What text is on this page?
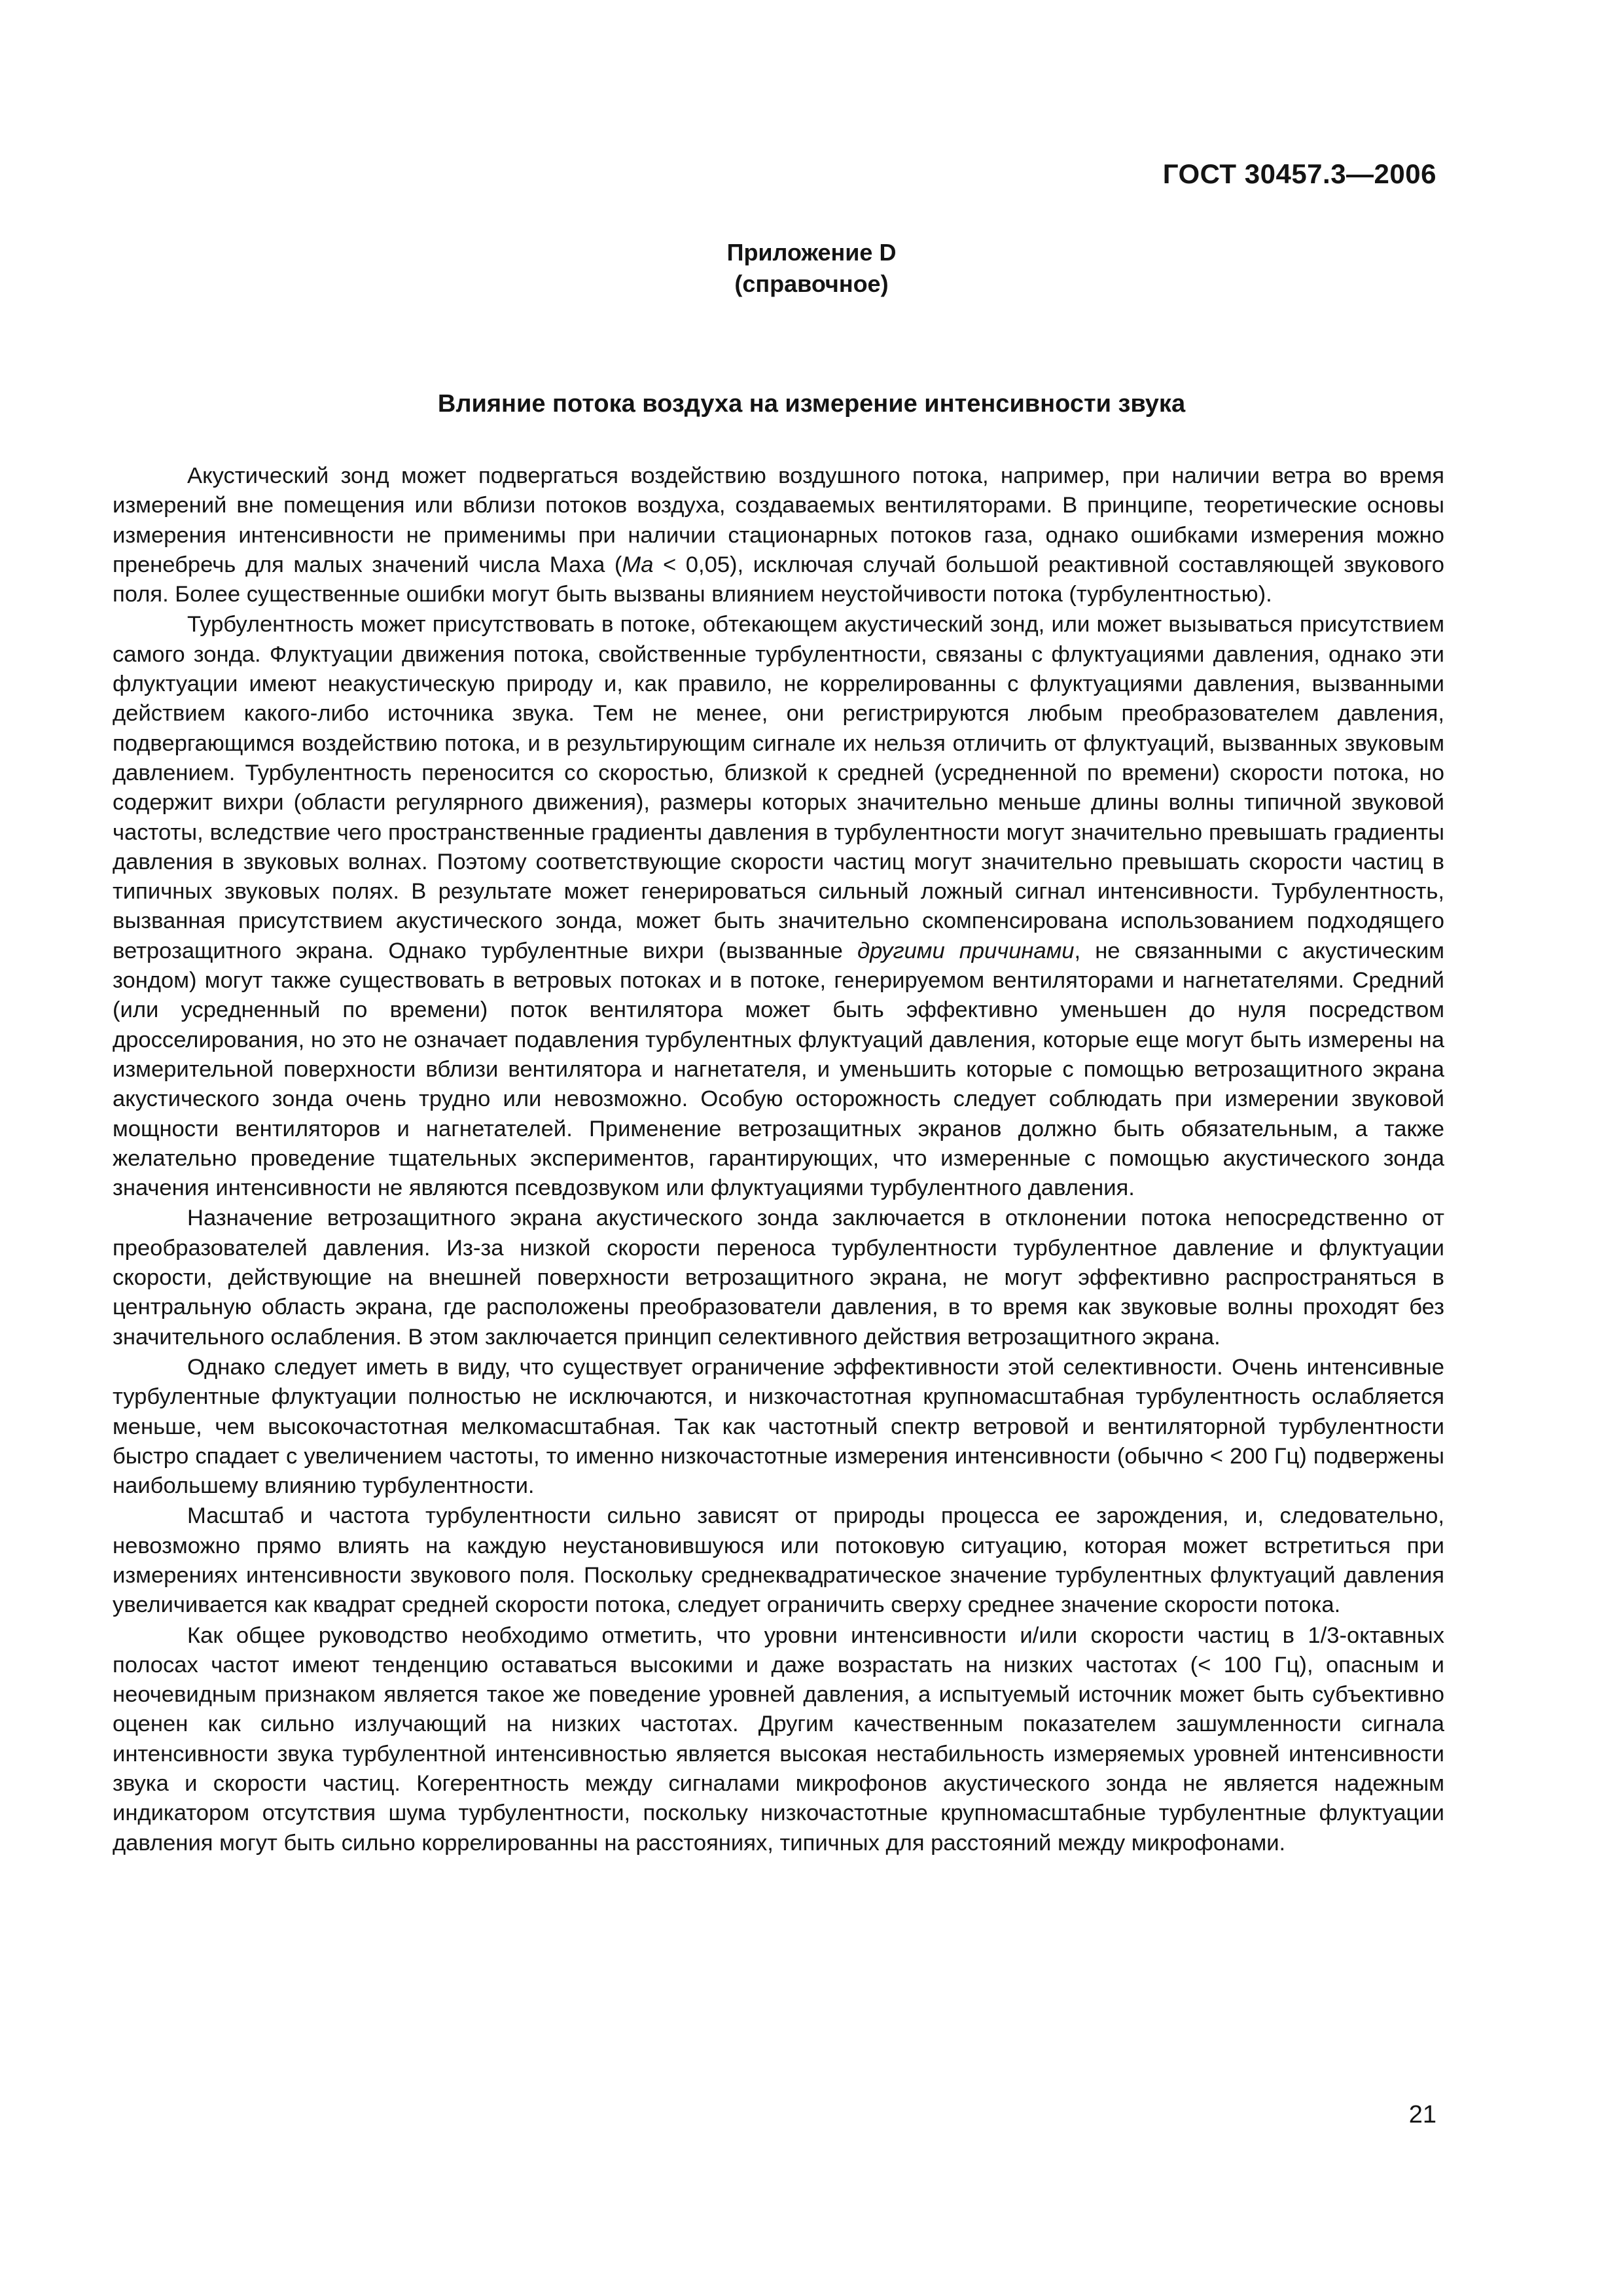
ГОСТ 30457.3—2006
Приложение D
(справочное)
Влияние потока воздуха на измерение интенсивности звука

Акустический зонд может подвергаться воздействию воздушного потока, например, при наличии ветра во время измерений вне помещения или вблизи потоков воздуха, создаваемых вентиляторами. В принципе, теоретические основы измерения интенсивности не применимы при наличии стационарных потоков газа, однако ошибками измерения можно пренебречь для малых значений числа Маха (Ma < 0,05), исключая случай большой реактивной составляющей звукового поля. Более существенные ошибки могут быть вызваны влиянием неустойчивости потока (турбулентностью).

Турбулентность может присутствовать в потоке, обтекающем акустический зонд, или может вызываться присутствием самого зонда. Флуктуации движения потока, свойственные турбулентности, связаны с флуктуациями давления, однако эти флуктуации имеют неакустическую природу и, как правило, не коррелированны с флуктуациями давления, вызванными действием какого-либо источника звука. Тем не менее, они регистрируются любым преобразователем давления, подвергающимся воздействию потока, и в результирующим сигнале их нельзя отличить от флуктуаций, вызванных звуковым давлением. Турбулентность переносится со скоростью, близкой к средней (усредненной по времени) скорости потока, но содержит вихри (области регулярного движения), размеры которых значительно меньше длины волны типичной звуковой частоты, вследствие чего пространственные градиенты давления в турбулентности могут значительно превышать градиенты давления в звуковых волнах. Поэтому соответствующие скорости частиц могут значительно превышать скорости частиц в типичных звуковых полях. В результате может генерироваться сильный ложный сигнал интенсивности. Турбулентность, вызванная присутствием акустического зонда, может быть значительно скомпенсирована использованием подходящего ветрозащитного экрана. Однако турбулентные вихри (вызванные другими причинами, не связанными с акустическим зондом) могут также существовать в ветровых потоках и в потоке, генерируемом вентиляторами и нагнетателями. Средний (или усредненный по времени) поток вентилятора может быть эффективно уменьшен до нуля посредством дросселирования, но это не означает подавления турбулентных флуктуаций давления, которые еще могут быть измерены на измерительной поверхности вблизи вентилятора и нагнетателя, и уменьшить которые с помощью ветрозащитного экрана акустического зонда очень трудно или невозможно. Особую осторожность следует соблюдать при измерении звуковой мощности вентиляторов и нагнетателей. Применение ветрозащитных экранов должно быть обязательным, а также желательно проведение тщательных экспериментов, гарантирующих, что измеренные с помощью акустического зонда значения интенсивности не являются псевдозвуком или флуктуациями турбулентного давления.

Назначение ветрозащитного экрана акустического зонда заключается в отклонении потока непосредственно от преобразователей давления. Из-за низкой скорости переноса турбулентности турбулентное давление и флуктуации скорости, действующие на внешней поверхности ветрозащитного экрана, не могут эффективно распространяться в центральную область экрана, где расположены преобразователи давления, в то время как звуковые волны проходят без значительного ослабления. В этом заключается принцип селективного действия ветрозащитного экрана.

Однако следует иметь в виду, что существует ограничение эффективности этой селективности. Очень интенсивные турбулентные флуктуации полностью не исключаются, и низкочастотная крупномасштабная турбулентность ослабляется меньше, чем высокочастотная мелкомасштабная. Так как частотный спектр ветровой и вентиляторной турбулентности быстро спадает с увеличением частоты, то именно низкочастотные измерения интенсивности (обычно < 200 Гц) подвержены наибольшему влиянию турбулентности.

Масштаб и частота турбулентности сильно зависят от природы процесса ее зарождения, и, следовательно, невозможно прямо влиять на каждую неустановившуюся или потоковую ситуацию, которая может встретиться при измерениях интенсивности звукового поля. Поскольку среднеквадратическое значение турбулентных флуктуаций давления увеличивается как квадрат средней скорости потока, следует ограничить сверху среднее значение скорости потока.

Как общее руководство необходимо отметить, что уровни интенсивности и/или скорости частиц в 1/3-октавных полосах частот имеют тенденцию оставаться высокими и даже возрастать на низких частотах (< 100 Гц), опасным и неочевидным признаком является такое же поведение уровней давления, а испытуемый источник может быть субъективно оценен как сильно излучающий на низких частотах. Другим качественным показателем зашумленности сигнала интенсивности звука турбулентной интенсивностью является высокая нестабильность измеряемых уровней интенсивности звука и скорости частиц. Когерентность между сигналами микрофонов акустического зонда не является надежным индикатором отсутствия шума турбулентности, поскольку низкочастотные крупномасштабные турбулентные флуктуации давления могут быть сильно коррелированны на расстояниях, типичных для расстояний между микрофонами.

21
